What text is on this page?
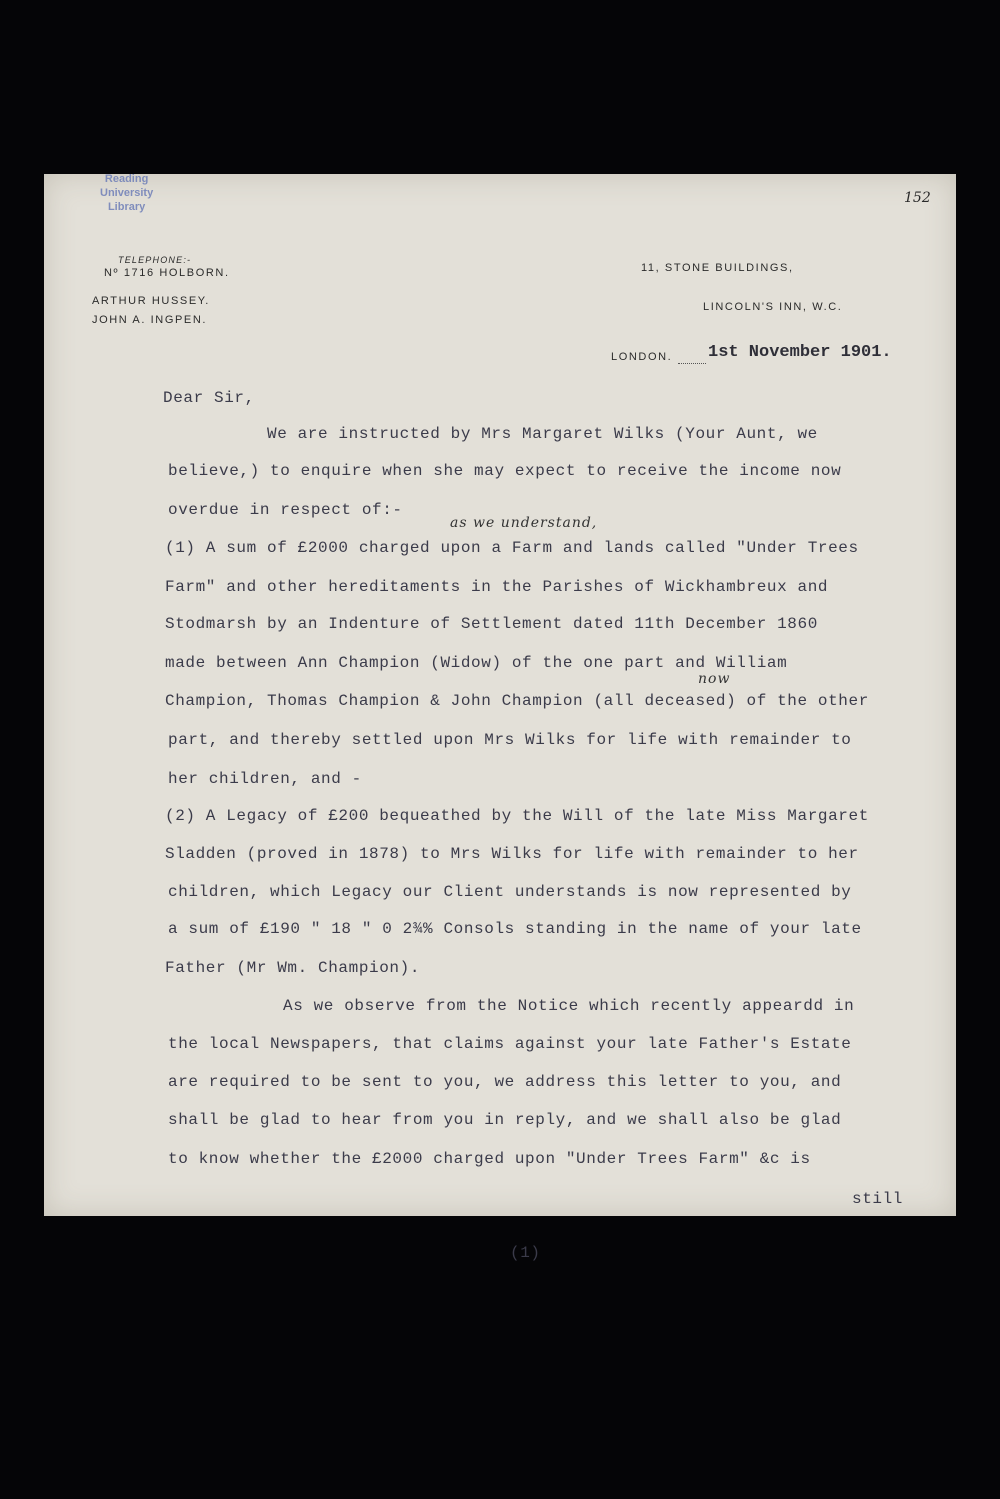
Reading
University
Library
152
TELEPHONE:-
Nº 1716 HOLBORN.
ARTHUR HUSSEY.
JOHN A. INGPEN.
11, STONE BUILDINGS,
LINCOLN'S INN, W.C.
LONDON. 1st November 1901.
Dear Sir,
We are instructed by Mrs Margaret Wilks (Your Aunt, we
believe,) to enquire when she may expect to receive the income now
overdue in respect of:-
as we understand,
(1) A sum of £2000 charged upon a Farm and lands called "Under Trees
Farm" and other hereditaments in the Parishes of Wickhambreux and
Stodmarsh by an Indenture of Settlement dated 11th December 1860
made between Ann Champion (Widow) of the one part and William
now
Champion, Thomas Champion & John Champion (all deceased) of the other
part, and thereby settled upon Mrs Wilks for life with remainder to
her children, and -
(2) A Legacy of £200 bequeathed by the Will of the late Miss Margaret
Sladden (proved in 1878) to Mrs Wilks for life with remainder to her
children, which Legacy our Client understands is now represented by
a sum of £190 " 18 " 0 2¾% Consols standing in the name of your late
Father (Mr Wm. Champion).
As we observe from the Notice which recently appeardd in
the local Newspapers, that claims against your late Father's Estate
are required to be sent to you, we address this letter to you, and
shall be glad to hear from you in reply, and we shall also be glad
to know whether the £2000 charged upon "Under Trees Farm" &c is
still
(1)
